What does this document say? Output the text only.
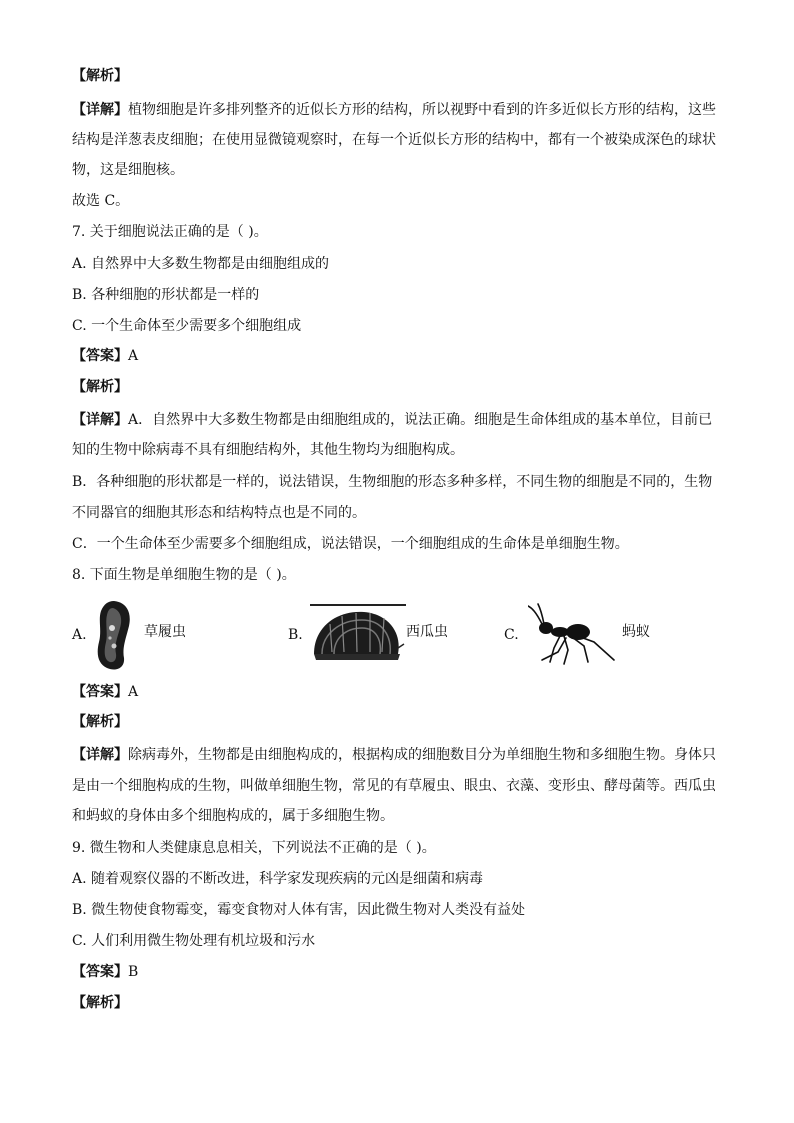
【解析】
【详解】植物细胞是许多排列整齐的近似长方形的结构，所以视野中看到的许多近似长方形的结构，这些
结构是洋葱表皮细胞；在使用显微镜观察时，在每一个近似长方形的结构中，都有一个被染成深色的球状
物，这是细胞核。
故选 C。
7. 关于细胞说法正确的是（ )。
A. 自然界中大多数生物都是由细胞组成的
B. 各种细胞的形状都是一样的
C. 一个生命体至少需要多个细胞组成
【答案】A
【解析】
【详解】A．自然界中大多数生物都是由细胞组成的，说法正确。细胞是生命体组成的基本单位，目前已
知的生物中除病毒不具有细胞结构外，其他生物均为细胞构成。
B．各种细胞的形状都是一样的，说法错误，生物细胞的形态多种多样，不同生物的细胞是不同的，生物
不同器官的细胞其形态和结构特点也是不同的。
C．一个生命体至少需要多个细胞组成，说法错误，一个细胞组成的生命体是单细胞生物。
8. 下面生物是单细胞生物的是（ )。
A.	草履虫	B.	西瓜虫	C.	蚂蚁
【答案】A
【解析】
【详解】除病毒外，生物都是由细胞构成的，根据构成的细胞数目分为单细胞生物和多细胞生物。身体只
是由一个细胞构成的生物，叫做单细胞生物，常见的有草履虫、眼虫、衣藻、变形虫、酵母菌等。西瓜虫
和蚂蚁的身体由多个细胞构成的，属于多细胞生物。
9. 微生物和人类健康息息相关，下列说法不正确的是（ )。
A. 随着观察仪器的不断改进，科学家发现疾病的元凶是细菌和病毒
B. 微生物使食物霉变，霉变食物对人体有害，因此微生物对人类没有益处
C. 人们利用微生物处理有机垃圾和污水
【答案】B
【解析】
